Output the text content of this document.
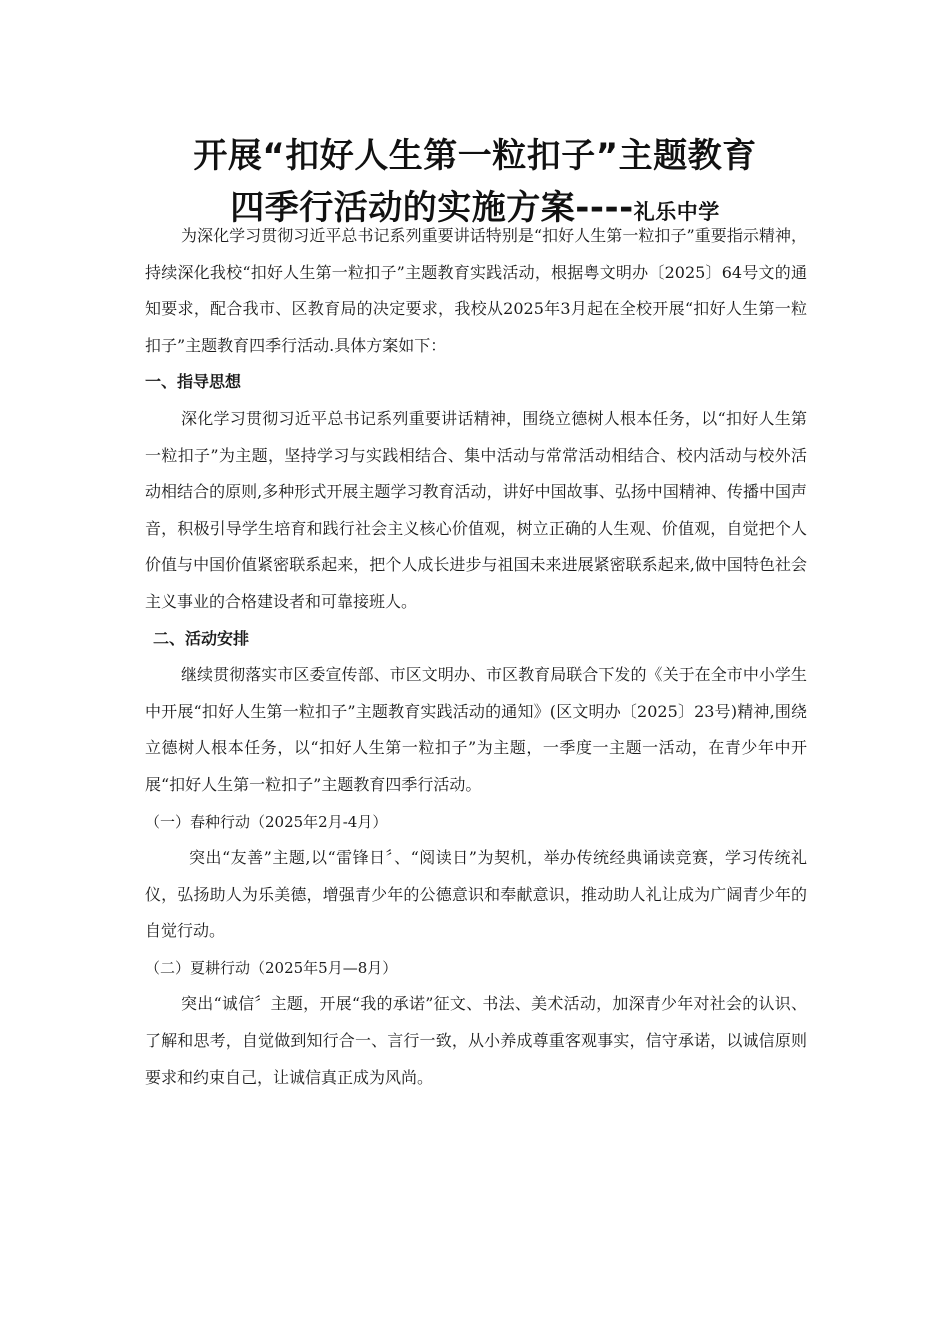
开展“扣好人生第一粒扣子”主题教育
四季行活动的实施方案----礼乐中学

为深化学习贯彻习近平总书记系列重要讲话特别是“扣好人生第一粒扣子”重要指示精神，持续深化我校“扣好人生第一粒扣子”主题教育实践活动，根据粤文明办〔2025〕64号文的通知要求，配合我市、区教育局的决定要求，我校从2025年3月起在全校开展“扣好人生第一粒扣子”主题教育四季行活动.具体方案如下：

一、指导思想

深化学习贯彻习近平总书记系列重要讲话精神，围绕立德树人根本任务，以“扣好人生第一粒扣子”为主题，坚持学习与实践相结合、集中活动与常常活动相结合、校内活动与校外活动相结合的原则,多种形式开展主题学习教育活动，讲好中国故事、弘扬中国精神、传播中国声音，积极引导学生培育和践行社会主义核心价值观，树立正确的人生观、价值观，自觉把个人价值与中国价值紧密联系起来，把个人成长进步与祖国未来进展紧密联系起来,做中国特色社会主义事业的合格建设者和可靠接班人。

二、活动安排

继续贯彻落实市区委宣传部、市区文明办、市区教育局联合下发的《关于在全市中小学生中开展“扣好人生第一粒扣子”主题教育实践活动的通知》(区文明办〔2025〕23号)精神,围绕立德树人根本任务，以“扣好人生第一粒扣子”为主题，一季度一主题一活动，在青少年中开展“扣好人生第一粒扣子”主题教育四季行活动。

（一）春种行动（2025年2月-4月）

突出“友善”主题,以“雷锋日〞、“阅读日”为契机，举办传统经典诵读竞赛，学习传统礼仪，弘扬助人为乐美德，增强青少年的公德意识和奉献意识，推动助人礼让成为广阔青少年的自觉行动。

（二）夏耕行动（2025年5月—8月）

突出“诚信〞主题，开展“我的承诺”征文、书法、美术活动，加深青少年对社会的认识、了解和思考，自觉做到知行合一、言行一致，从小养成尊重客观事实，信守承诺，以诚信原则要求和约束自己，让诚信真正成为风尚。
